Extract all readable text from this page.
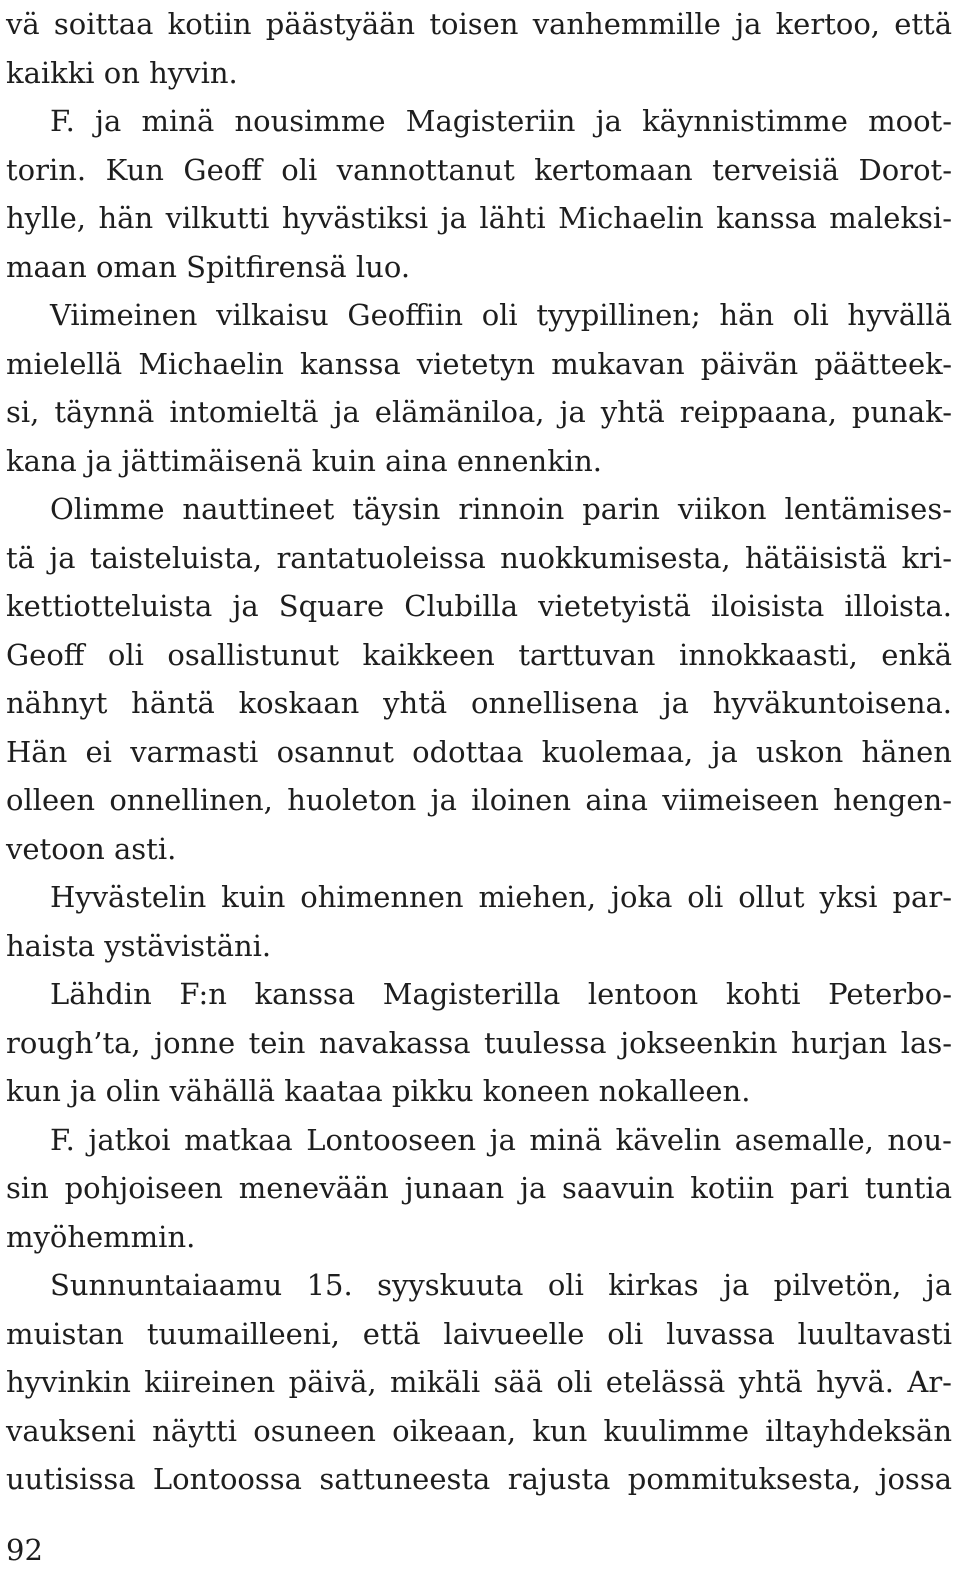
vä soittaa kotiin päästyään toisen vanhemmille ja kertoo, että
kaikki on hyvin.
F. ja minä nousimme Magisteriin ja käynnistimme moot-
torin. Kun Geoff oli vannottanut kertomaan terveisiä Dorot-
hylle, hän vilkutti hyvästiksi ja lähti Michaelin kanssa maleksi-
maan oman Spitfirensä luo.
Viimeinen vilkaisu Geoffiin oli tyypillinen; hän oli hyvällä
mielellä Michaelin kanssa vietetyn mukavan päivän päätteek-
si, täynnä intomieltä ja elämäniloa, ja yhtä reippaana, punak-
kana ja jättimäisenä kuin aina ennenkin.
Olimme nauttineet täysin rinnoin parin viikon lentämises-
tä ja taisteluista, rantatuoleissa nuokkumisesta, hätäisistä kri-
kettiotteluista ja Square Clubilla vietetyistä iloisista illoista.
Geoff oli osallistunut kaikkeen tarttuvan innokkaasti, enkä
nähnyt häntä koskaan yhtä onnellisena ja hyväkuntoisena.
Hän ei varmasti osannut odottaa kuolemaa, ja uskon hänen
olleen onnellinen, huoleton ja iloinen aina viimeiseen hengen-
vetoon asti.
Hyvästelin kuin ohimennen miehen, joka oli ollut yksi par-
haista ystävistäni.
Lähdin F:n kanssa Magisterilla lentoon kohti Peterbo-
rough’ta, jonne tein navakassa tuulessa jokseenkin hurjan las-
kun ja olin vähällä kaataa pikku koneen nokalleen.
F. jatkoi matkaa Lontooseen ja minä kävelin asemalle, nou-
sin pohjoiseen menevään junaan ja saavuin kotiin pari tuntia
myöhemmin.
Sunnuntaiaamu 15. syyskuuta oli kirkas ja pilvetön, ja
muistan tuumailleeni, että laivueelle oli luvassa luultavasti
hyvinkin kiireinen päivä, mikäli sää oli etelässä yhtä hyvä. Ar-
vaukseni näytti osuneen oikeaan, kun kuulimme iltayhdeksän
uutisissa Lontoossa sattuneesta rajusta pommituksesta, jossa
92
